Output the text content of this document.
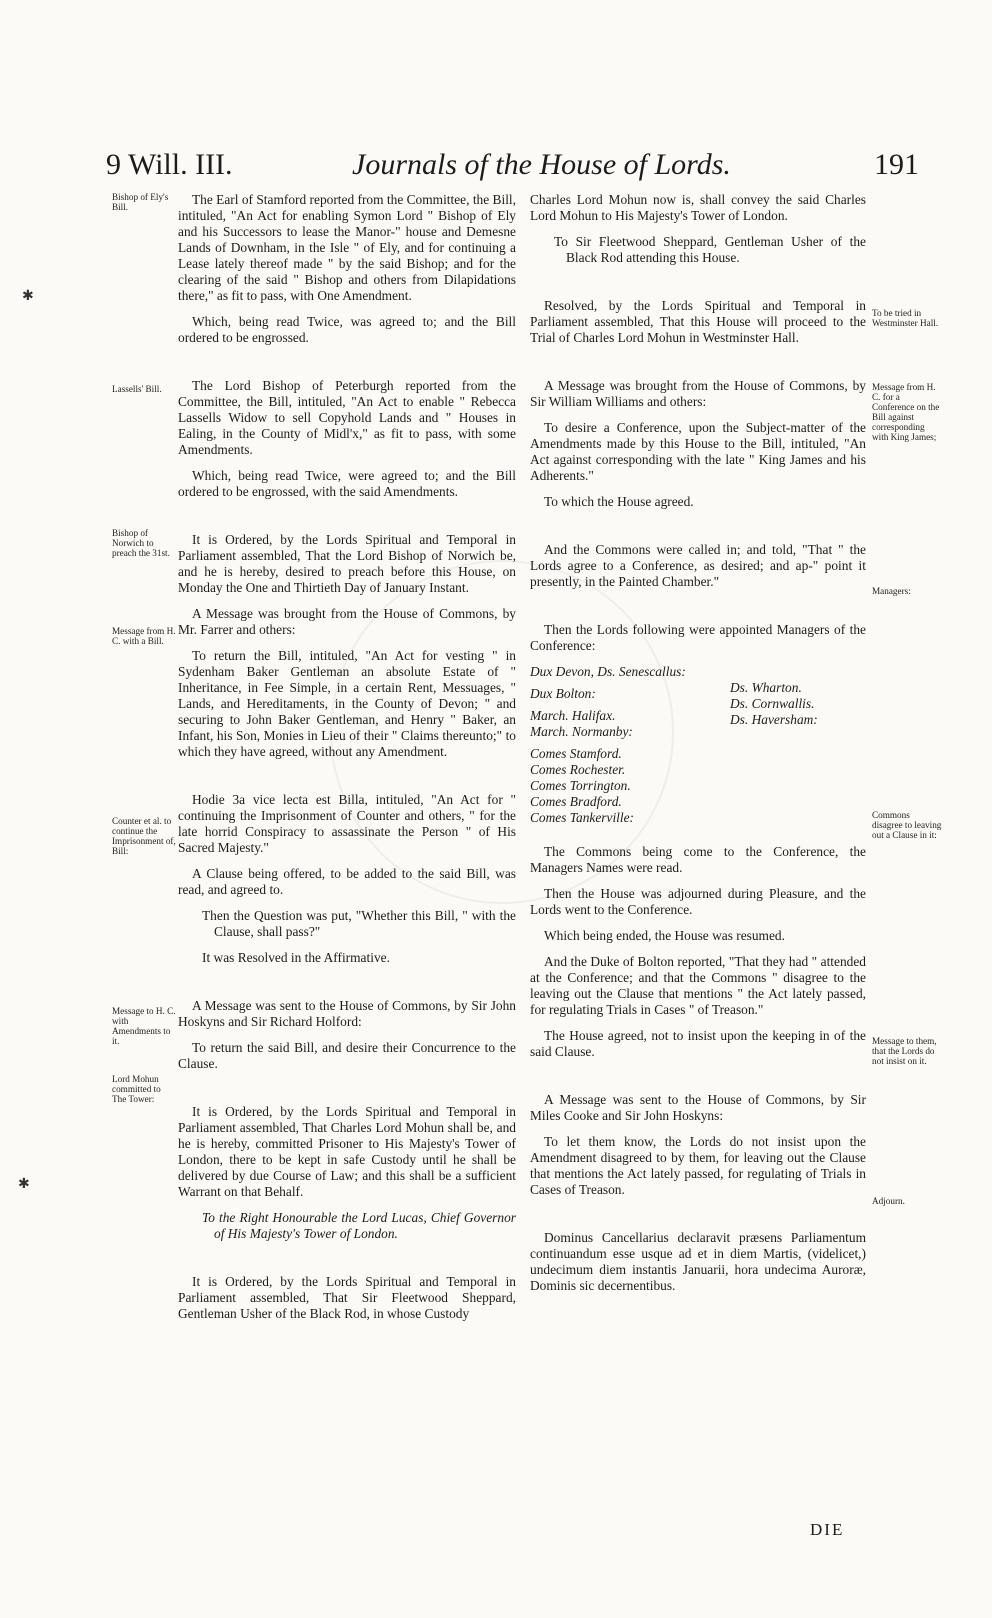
9 Will. III.	Journals of the House of Lords.	191
✱
✱
Bishop of Ely's Bill.
Lassells' Bill.
Bishop of Norwich to preach the 31st.
Message from H. C. with a Bill.
Counter et al. to continue the Imprisonment of, Bill:
Message to H. C. with Amendments to it.
Lord Mohun committed to The Tower:
To be tried in Westminster Hall.
Message from H. C. for a Conference on the Bill against corresponding with King James;
Managers:
Commons disagree to leaving out a Clause in it:
Message to them, that the Lords do not insist on it.
Adjourn.

The Earl of Stamford reported from the Committee, the Bill, intituled, "An Act for enabling Symon Lord " Bishop of Ely and his Successors to lease the Manor-" house and Demesne Lands of Downham, in the Isle " of Ely, and for continuing a Lease lately thereof made " by the said Bishop; and for the clearing of the said " Bishop and others from Dilapidations there," as fit to pass, with One Amendment.

Which, being read Twice, was agreed to; and the Bill ordered to be engrossed.

The Lord Bishop of Peterburgh reported from the Committee, the Bill, intituled, "An Act to enable " Rebecca Lassells Widow to sell Copyhold Lands and " Houses in Ealing, in the County of Midl'x," as fit to pass, with some Amendments.

Which, being read Twice, were agreed to; and the Bill ordered to be engrossed, with the said Amendments.

It is Ordered, by the Lords Spiritual and Temporal in Parliament assembled, That the Lord Bishop of Norwich be, and he is hereby, desired to preach before this House, on Monday the One and Thirtieth Day of January Instant.

A Message was brought from the House of Commons, by Mr. Farrer and others:

To return the Bill, intituled, "An Act for vesting " in Sydenham Baker Gentleman an absolute Estate of " Inheritance, in Fee Simple, in a certain Rent, Messuages, " Lands, and Hereditaments, in the County of Devon; " and securing to John Baker Gentleman, and Henry " Baker, an Infant, his Son, Monies in Lieu of their " Claims thereunto;" to which they have agreed, without any Amendment.

Hodie 3a vice lecta est Billa, intituled, "An Act for " continuing the Imprisonment of Counter and others, " for the late horrid Conspiracy to assassinate the Person " of His Sacred Majesty."

A Clause being offered, to be added to the said Bill, was read, and agreed to.

Then the Question was put, "Whether this Bill, " with the Clause, shall pass?"

It was Resolved in the Affirmative.

A Message was sent to the House of Commons, by Sir John Hoskyns and Sir Richard Holford:

To return the said Bill, and desire their Concurrence to the Clause.

It is Ordered, by the Lords Spiritual and Temporal in Parliament assembled, That Charles Lord Mohun shall be, and he is hereby, committed Prisoner to His Majesty's Tower of London, there to be kept in safe Custody until he shall be delivered by due Course of Law; and this shall be a sufficient Warrant on that Behalf.

To the Right Honourable the Lord Lucas, Chief Governor of His Majesty's Tower of London.

It is Ordered, by the Lords Spiritual and Temporal in Parliament assembled, That Sir Fleetwood Sheppard, Gentleman Usher of the Black Rod, in whose Custody

Charles Lord Mohun now is, shall convey the said Charles Lord Mohun to His Majesty's Tower of London.

To Sir Fleetwood Sheppard, Gentleman Usher of the Black Rod attending this House.

Resolved, by the Lords Spiritual and Temporal in Parliament assembled, That this House will proceed to the Trial of Charles Lord Mohun in Westminster Hall.

A Message was brought from the House of Commons, by Sir William Williams and others:

To desire a Conference, upon the Subject-matter of the Amendments made by this House to the Bill, intituled, "An Act against corresponding with the late " King James and his Adherents."

To which the House agreed.

And the Commons were called in; and told, "That " the Lords agree to a Conference, as desired; and ap-" point it presently, in the Painted Chamber."

Then the Lords following were appointed Managers of the Conference:

Dux Devon, Ds. Senescallus:
Dux Bolton:
March. Halifax.
March. Normanby:
Comes Stamford.
Comes Rochester.
Comes Torrington.
Comes Bradford.
Comes Tankerville:
Ds. Wharton.
Ds. Cornwallis.
Ds. Haversham:

The Commons being come to the Conference, the Managers Names were read.

Then the House was adjourned during Pleasure, and the Lords went to the Conference.

Which being ended, the House was resumed.

And the Duke of Bolton reported, "That they had " attended at the Conference; and that the Commons " disagree to the leaving out the Clause that mentions " the Act lately passed, for regulating Trials in Cases " of Treason."

The House agreed, not to insist upon the keeping in of the said Clause.

A Message was sent to the House of Commons, by Sir Miles Cooke and Sir John Hoskyns:

To let them know, the Lords do not insist upon the Amendment disagreed to by them, for leaving out the Clause that mentions the Act lately passed, for regulating of Trials in Cases of Treason.

Dominus Cancellarius declaravit præsens Parliamentum continuandum esse usque ad et in diem Martis, (videlicet,) undecimum diem instantis Januarii, hora undecima Auroræ, Dominis sic decernentibus.

DIE
